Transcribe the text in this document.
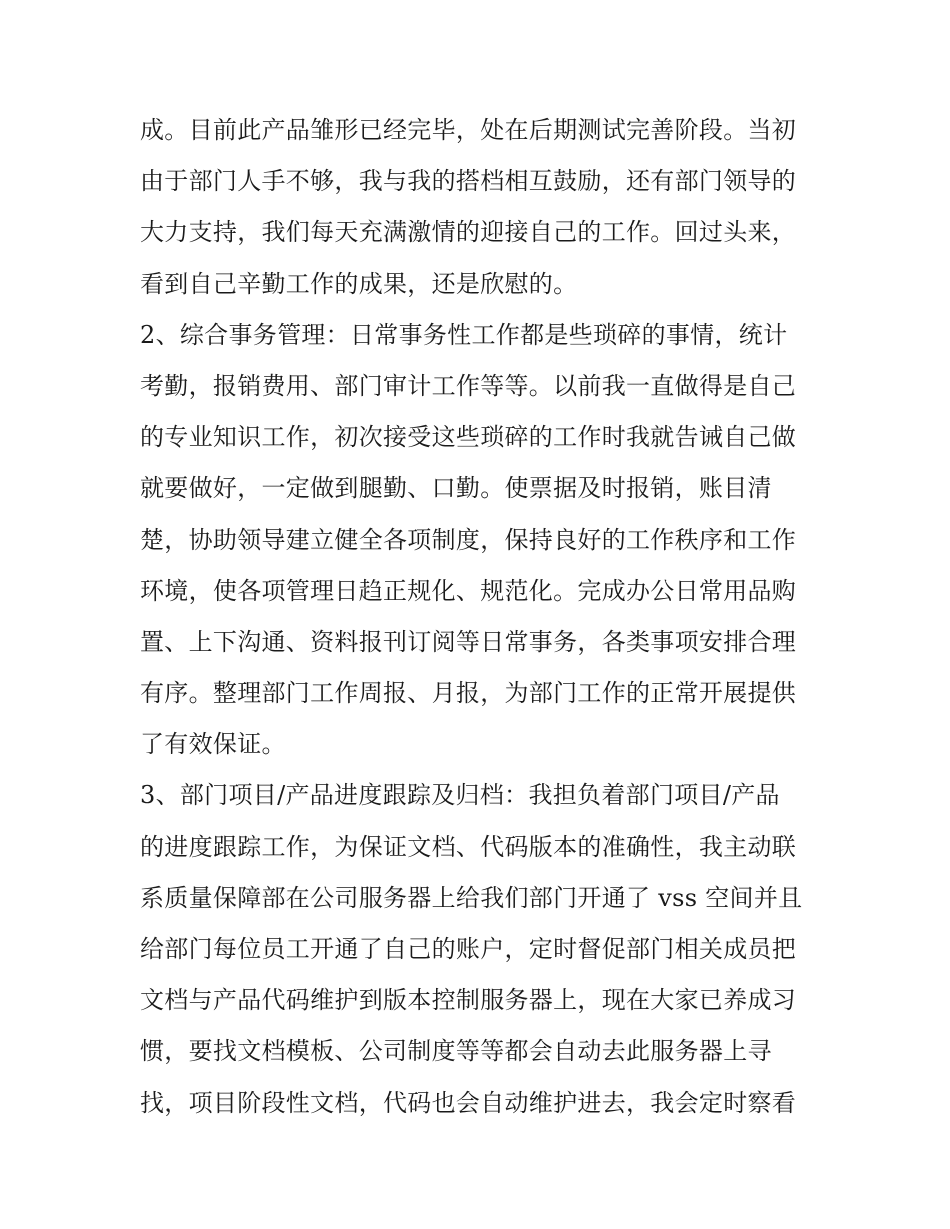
成。目前此产品雏形已经完毕，处在后期测试完善阶段。当初
由于部门人手不够，我与我的搭档相互鼓励，还有部门领导的
大力支持，我们每天充满激情的迎接自己的工作。回过头来，
看到自己辛勤工作的成果，还是欣慰的。
2、综合事务管理：日常事务性工作都是些琐碎的事情，统计
考勤，报销费用、部门审计工作等等。以前我一直做得是自己
的专业知识工作，初次接受这些琐碎的工作时我就告诫自己做
就要做好，一定做到腿勤、口勤。使票据及时报销，账目清
楚，协助领导建立健全各项制度，保持良好的工作秩序和工作
环境，使各项管理日趋正规化、规范化。完成办公日常用品购
置、上下沟通、资料报刊订阅等日常事务，各类事项安排合理
有序。整理部门工作周报、月报，为部门工作的正常开展提供
了有效保证。
3、部门项目/产品进度跟踪及归档：我担负着部门项目/产品
的进度跟踪工作，为保证文档、代码版本的准确性，我主动联
系质量保障部在公司服务器上给我们部门开通了 vss 空间并且
给部门每位员工开通了自己的账户，定时督促部门相关成员把
文档与产品代码维护到版本控制服务器上，现在大家已养成习
惯，要找文档模板、公司制度等等都会自动去此服务器上寻
找，项目阶段性文档，代码也会自动维护进去，我会定时察看
